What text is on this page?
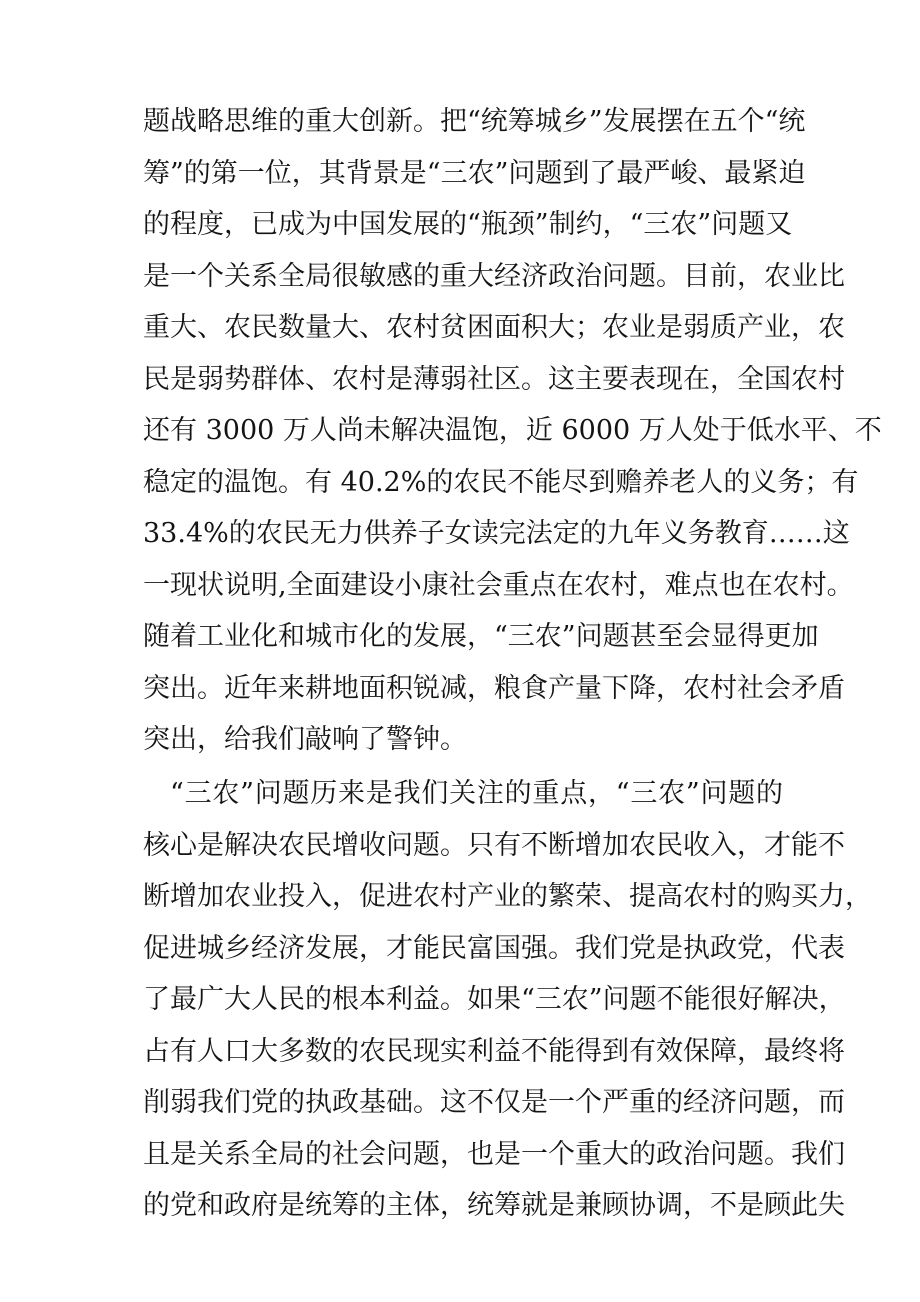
题战略思维的重大创新。把“统筹城乡”发展摆在五个“统
筹”的第一位，其背景是“三农”问题到了最严峻、最紧迫
的程度，已成为中国发展的“瓶颈”制约，“三农”问题又
是一个关系全局很敏感的重大经济政治问题。目前，农业比
重大、农民数量大、农村贫困面积大；农业是弱质产业，农
民是弱势群体、农村是薄弱社区。这主要表现在，全国农村
还有 3000 万人尚未解决温饱，近 6000 万人处于低水平、不
稳定的温饱。有 40.2%的农民不能尽到赡养老人的义务；有
33.4%的农民无力供养子女读完法定的九年义务教育……这
一现状说明,全面建设小康社会重点在农村，难点也在农村。
随着工业化和城市化的发展，“三农”问题甚至会显得更加
突出。近年来耕地面积锐减，粮食产量下降，农村社会矛盾
突出，给我们敲响了警钟。
“三农”问题历来是我们关注的重点，“三农”问题的
核心是解决农民增收问题。只有不断增加农民收入，才能不
断增加农业投入，促进农村产业的繁荣、提高农村的购买力，
促进城乡经济发展，才能民富国强。我们党是执政党，代表
了最广大人民的根本利益。如果“三农”问题不能很好解决，
占有人口大多数的农民现实利益不能得到有效保障，最终将
削弱我们党的执政基础。这不仅是一个严重的经济问题，而
且是关系全局的社会问题，也是一个重大的政治问题。我们
的党和政府是统筹的主体，统筹就是兼顾协调，不是顾此失
